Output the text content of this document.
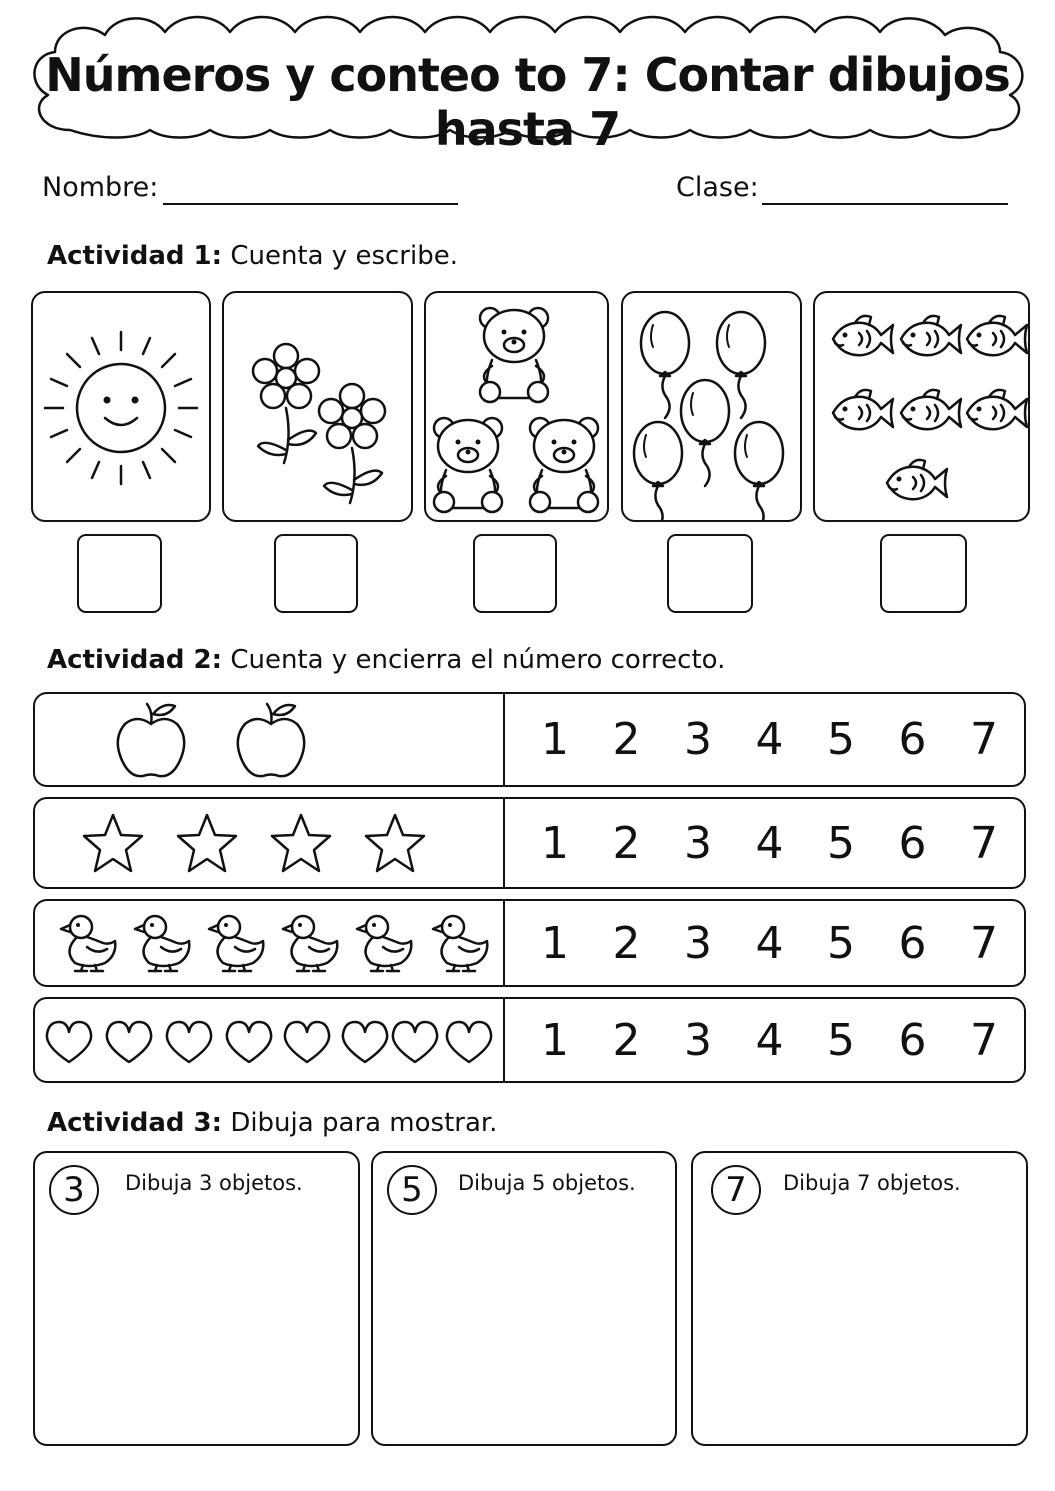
Números y conteo to 7: Contar dibujos hasta 7
Nombre:	Clase:
Actividad 1: Cuenta y escribe.
Actividad 2: Cuenta y encierra el número correcto.
1 2 3 4 5 6 7
1 2 3 4 5 6 7
1 2 3 4 5 6 7
1 2 3 4 5 6 7
Actividad 3: Dibuja para mostrar.
3	Dibuja 3 objetos.	5	Dibuja 5 objetos.	7	Dibuja 7 objetos.
